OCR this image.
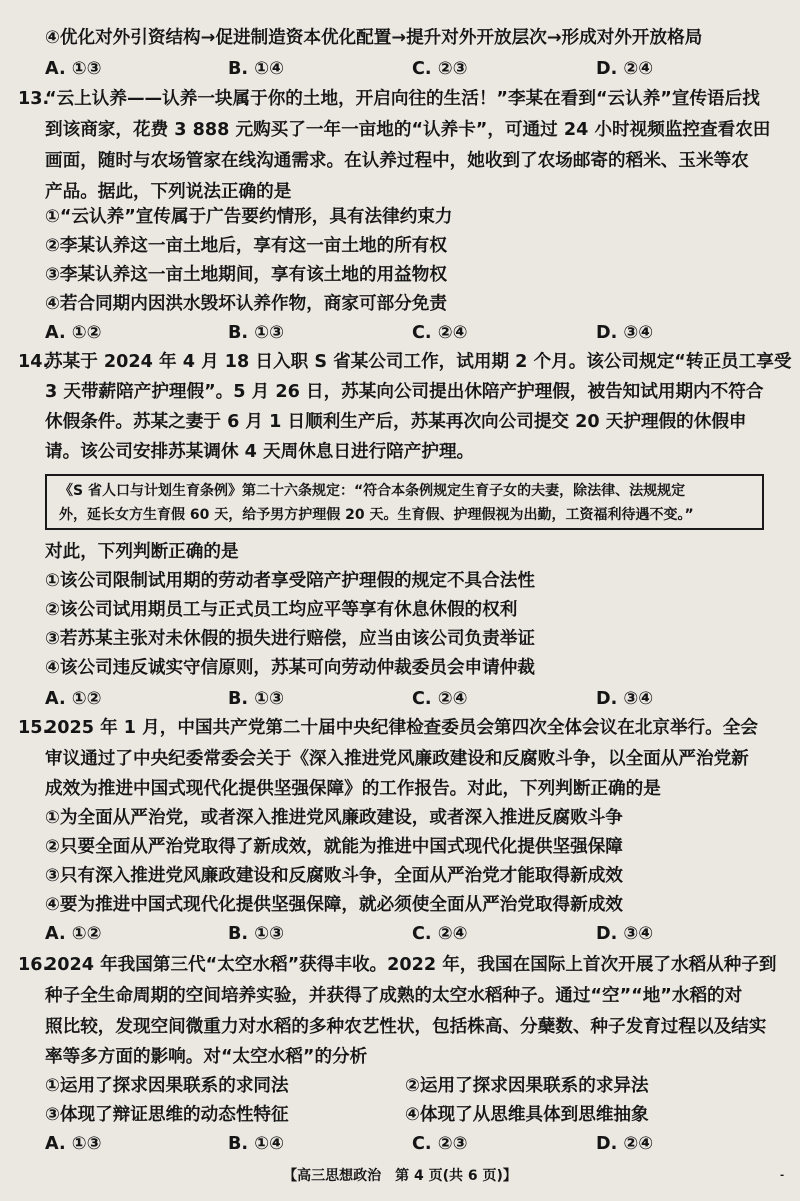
④优化对外引资结构→促进制造资本优化配置→提升对外开放层次→形成对外开放格局
A. ①③	B. ①④	C. ②③	D. ②④
13.
“云上认养——认养一块属于你的土地，开启向往的生活！”李某在看到“云认养”宣传语后找
到该商家，花费 3 888 元购买了一年一亩地的“认养卡”，可通过 24 小时视频监控查看农田
画面，随时与农场管家在线沟通需求。在认养过程中，她收到了农场邮寄的稻米、玉米等农
产品。据此，下列说法正确的是
①“云认养”宣传属于广告要约情形，具有法律约束力
②李某认养这一亩土地后，享有这一亩土地的所有权
③李某认养这一亩土地期间，享有该土地的用益物权
④若合同期内因洪水毁坏认养作物，商家可部分免责
A. ①②	B. ①③	C. ②④	D. ③④
14.
苏某于 2024 年 4 月 18 日入职 S 省某公司工作，试用期 2 个月。该公司规定“转正员工享受
3 天带薪陪产护理假”。5 月 26 日，苏某向公司提出休陪产护理假，被告知试用期内不符合
休假条件。苏某之妻于 6 月 1 日顺利生产后，苏某再次向公司提交 20 天护理假的休假申
请。该公司安排苏某调休 4 天周休息日进行陪产护理。
《S 省人口与计划生育条例》第二十六条规定：“符合本条例规定生育子女的夫妻，除法律、法规规定
外，延长女方生育假 60 天，给予男方护理假 20 天。生育假、护理假视为出勤，工资福利待遇不变。”
对此，下列判断正确的是
①该公司限制试用期的劳动者享受陪产护理假的规定不具合法性
②该公司试用期员工与正式员工均应平等享有休息休假的权利
③若苏某主张对未休假的损失进行赔偿，应当由该公司负责举证
④该公司违反诚实守信原则，苏某可向劳动仲裁委员会申请仲裁
A. ①②	B. ①③	C. ②④	D. ③④
15.
2025 年 1 月，中国共产党第二十届中央纪律检查委员会第四次全体会议在北京举行。全会
审议通过了中央纪委常委会关于《深入推进党风廉政建设和反腐败斗争，以全面从严治党新
成效为推进中国式现代化提供坚强保障》的工作报告。对此，下列判断正确的是
①为全面从严治党，或者深入推进党风廉政建设，或者深入推进反腐败斗争
②只要全面从严治党取得了新成效，就能为推进中国式现代化提供坚强保障
③只有深入推进党风廉政建设和反腐败斗争，全面从严治党才能取得新成效
④要为推进中国式现代化提供坚强保障，就必须使全面从严治党取得新成效
A. ①②	B. ①③	C. ②④	D. ③④
16.
2024 年我国第三代“太空水稻”获得丰收。2022 年，我国在国际上首次开展了水稻从种子到
种子全生命周期的空间培养实验，并获得了成熟的太空水稻种子。通过“空”“地”水稻的对
照比较，发现空间微重力对水稻的多种农艺性状，包括株高、分蘖数、种子发育过程以及结实
率等多方面的影响。对“太空水稻”的分析
①运用了探求因果联系的求同法	②运用了探求因果联系的求异法
③体现了辩证思维的动态性特征	④体现了从思维具体到思维抽象
A. ①③	B. ①④	C. ②③	D. ②④
【高三思想政治　第 4 页(共 6 页)】	-
